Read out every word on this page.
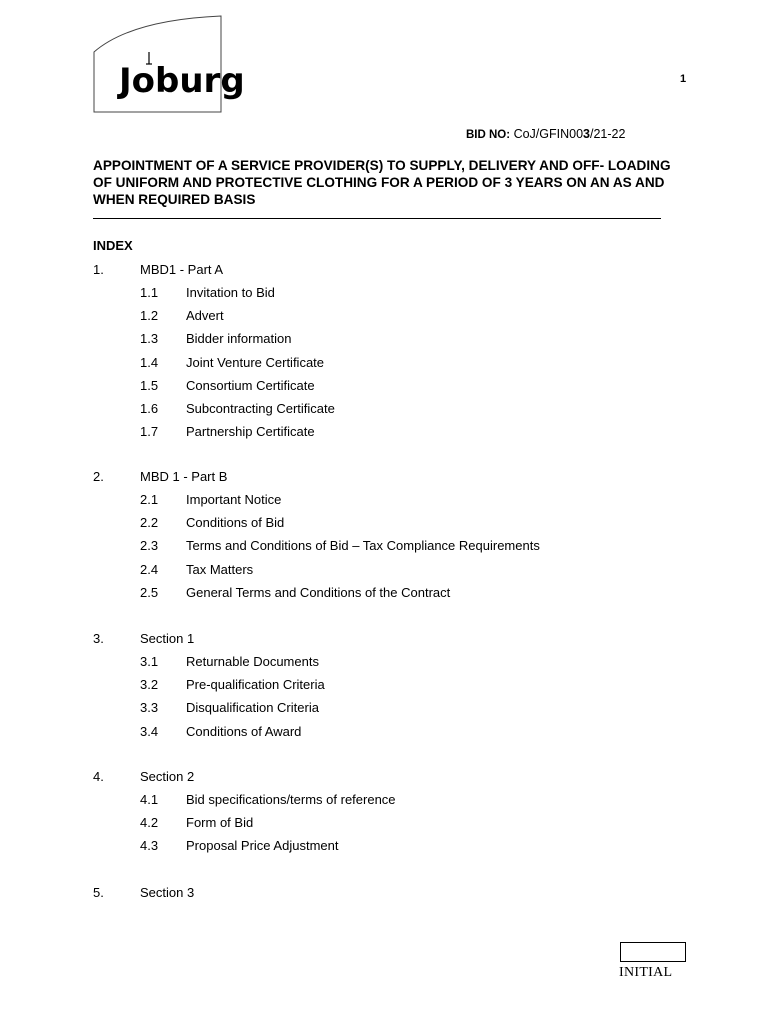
Joburg	1
BID NO: CoJ/GFIN003/21-22
APPOINTMENT OF A SERVICE PROVIDER(S) TO SUPPLY, DELIVERY AND OFF- LOADING OF UNIFORM AND PROTECTIVE CLOTHING FOR A PERIOD OF 3 YEARS ON AN AS AND WHEN REQUIRED BASIS
INDEX
1.	MBD1 - Part A
1.1 Invitation to Bid
1.2 Advert
1.3 Bidder information
1.4 Joint Venture Certificate
1.5 Consortium Certificate
1.6 Subcontracting Certificate
1.7 Partnership Certificate
2.	MBD 1 - Part B
2.1 Important Notice
2.2 Conditions of Bid
2.3 Terms and Conditions of Bid – Tax Compliance Requirements
2.4 Tax Matters
2.5 General Terms and Conditions of the Contract
3.	Section 1
3.1 Returnable Documents
3.2 Pre-qualification Criteria
3.3 Disqualification Criteria
3.4 Conditions of Award
4.	Section 2
4.1 Bid specifications/terms of reference
4.2 Form of Bid
4.3 Proposal Price Adjustment
5.	Section 3
INITIAL
